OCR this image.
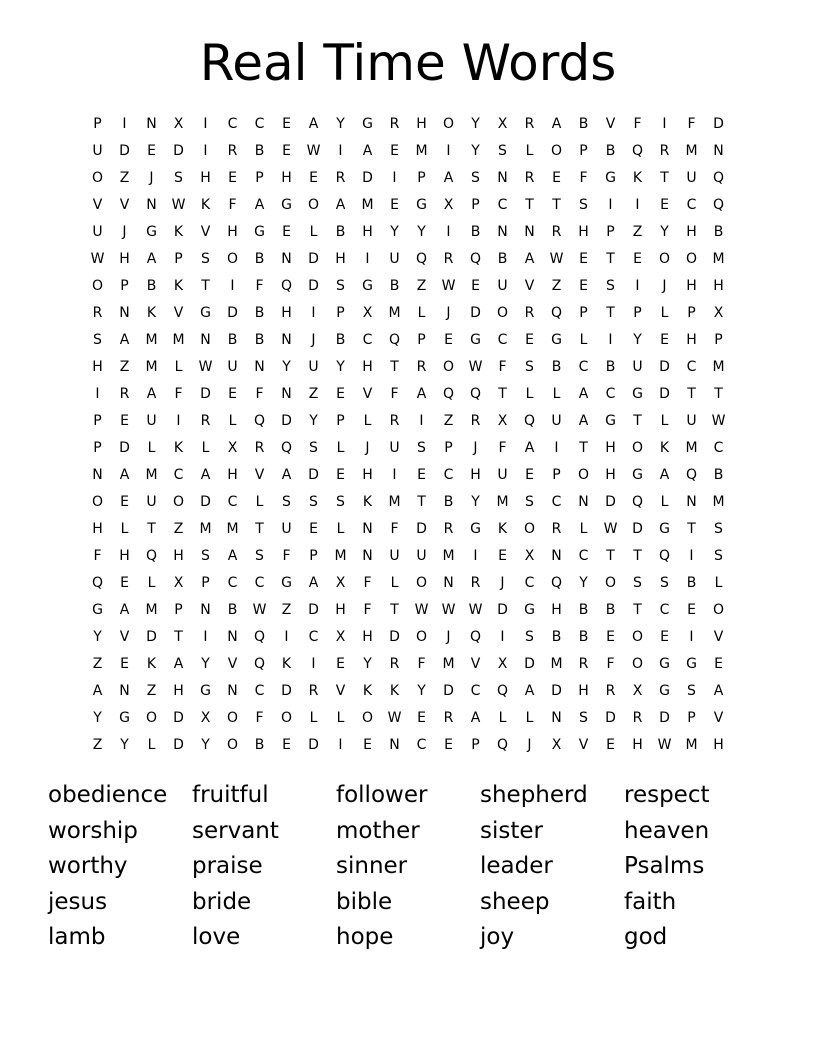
Real Time Words
P	I	N	X	I	C	C	E	A	Y	G	R	H	O	Y	X	R	A	B	V	F	I	F	D
U	D	E	D	I	R	B	E	W	I	A	E	M	I	Y	S	L	O	P	B	Q	R	M	N
O	Z	J	S	H	E	P	H	E	R	D	I	P	A	S	N	R	E	F	G	K	T	U	Q
V	V	N	W	K	F	A	G	O	A	M	E	G	X	P	C	T	T	S	I	I	E	C	Q
U	J	G	K	V	H	G	E	L	B	H	Y	Y	I	B	N	N	R	H	P	Z	Y	H	B
W	H	A	P	S	O	B	N	D	H	I	U	Q	R	Q	B	A	W	E	T	E	O	O	M
O	P	B	K	T	I	F	Q	D	S	G	B	Z	W	E	U	V	Z	E	S	I	J	H	H
R	N	K	V	G	D	B	H	I	P	X	M	L	J	D	O	R	Q	P	T	P	L	P	X
S	A	M	M	N	B	B	N	J	B	C	Q	P	E	G	C	E	G	L	I	Y	E	H	P
H	Z	M	L	W	U	N	Y	U	Y	H	T	R	O	W	F	S	B	C	B	U	D	C	M
I	R	A	F	D	E	F	N	Z	E	V	F	A	Q	Q	T	L	L	A	C	G	D	T	T
P	E	U	I	R	L	Q	D	Y	P	L	R	I	Z	R	X	Q	U	A	G	T	L	U	W
P	D	L	K	L	X	R	Q	S	L	J	U	S	P	J	F	A	I	T	H	O	K	M	C
N	A	M	C	A	H	V	A	D	E	H	I	E	C	H	U	E	P	O	H	G	A	Q	B
O	E	U	O	D	C	L	S	S	S	K	M	T	B	Y	M	S	C	N	D	Q	L	N	M
H	L	T	Z	M	M	T	U	E	L	N	F	D	R	G	K	O	R	L	W	D	G	T	S
F	H	Q	H	S	A	S	F	P	M	N	U	U	M	I	E	X	N	C	T	T	Q	I	S
Q	E	L	X	P	C	C	G	A	X	F	L	O	N	R	J	C	Q	Y	O	S	S	B	L
G	A	M	P	N	B	W	Z	D	H	F	T	W W W	D	G	H	B	B	T	C	E	O
Y	V	D	T	I	N	Q	I	C	X	H	D	O	J	Q	I	S	B	B	E	O	E	I	V
Z	E	K	A	Y	V	Q	K	I	E	Y	R	F	M	V	X	D	M	R	F	O	G	G	E
A	N	Z	H	G	N	C	D	R	V	K	K	Y	D	C	Q	A	D	H	R	X	G	S	A
Y	G	O	D	X	O	F	O	L	L	O	W	E	R	A	L	L	N	S	D	R	D	P	V
Z	Y	L	D	Y	O	B	E	D	I	E	N	C	E	P	Q	J	X	V	E	H	W	M	H
obedience	fruitful	follower	shepherd	respect
worship	servant	mother	sister	heaven
worthy	praise	sinner	leader	Psalms
jesus	bride	bible	sheep	faith
lamb	love	hope	joy	god
